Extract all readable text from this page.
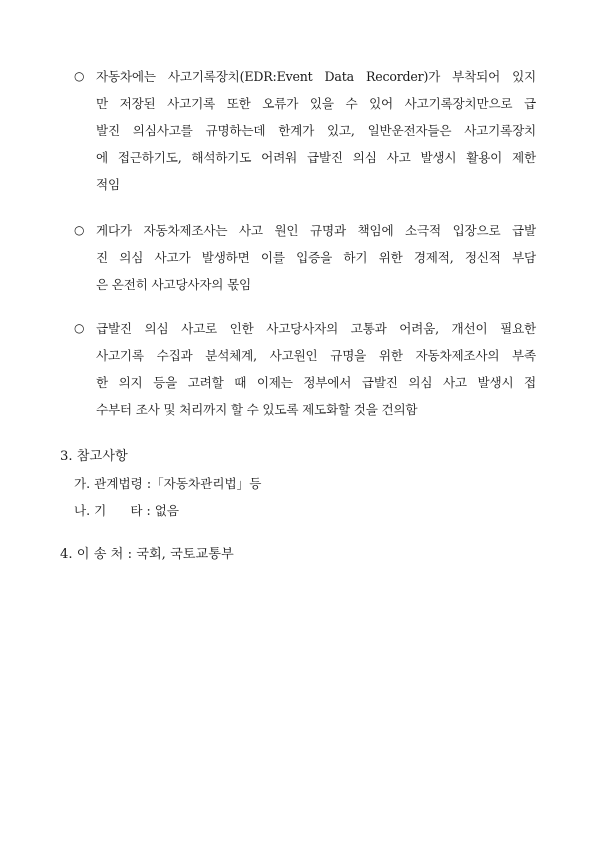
○ 자동차에는 사고기록장치(EDR:Event Data Recorder)가 부착되어 있지
만 저장된 사고기록 또한 오류가 있을 수 있어 사고기록장치만으로 급
발진 의심사고를 규명하는데 한계가 있고, 일반운전자들은 사고기록장치
에 접근하기도, 해석하기도 어려워 급발진 의심 사고 발생시 활용이 제한
적임
○ 게다가 자동차제조사는 사고 원인 규명과 책임에 소극적 입장으로 급발
진 의심 사고가 발생하면 이를 입증을 하기 위한 경제적, 정신적 부담
은 온전히 사고당사자의 몫임
○ 급발진 의심 사고로 인한 사고당사자의 고통과 어려움, 개선이 필요한
사고기록 수집과 분석체계, 사고원인 규명을 위한 자동차제조사의 부족
한 의지 등을 고려할 때 이제는 정부에서 급발진 의심 사고 발생시 접
수부터 조사 및 처리까지 할 수 있도록 제도화할 것을 건의함
3. 참고사항
가. 관계법령 :「자동차관리법」등
나. 기      타 : 없음
4. 이 송 처 : 국회, 국토교통부
